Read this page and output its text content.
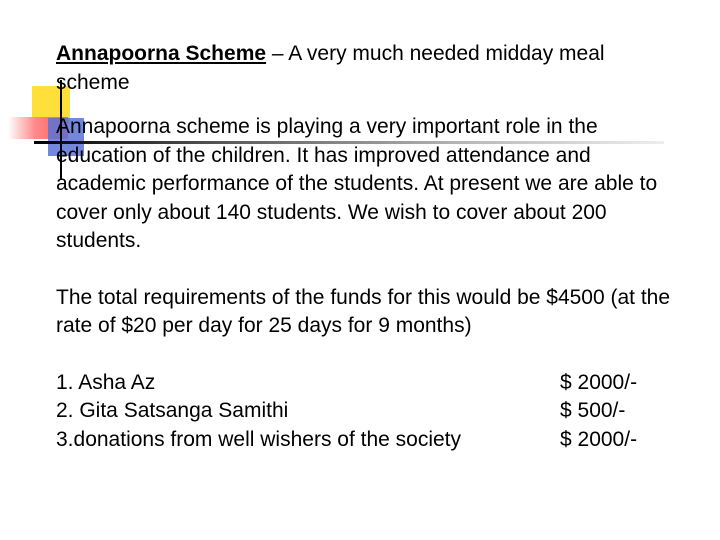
Annapoorna Scheme – A very much needed midday meal scheme

Annapoorna scheme is playing a very important role in the education of the children. It has improved attendance and academic performance of the students. At present we are able to cover only about 140 students. We wish to cover about 200 students.

The total requirements of the funds for this would be $4500 (at the rate of $20 per day for 25 days for 9 months)

1. Asha Az	$ 2000/-
2. Gita Satsanga Samithi	$ 500/-
3.donations from well wishers of the society	$ 2000/-
